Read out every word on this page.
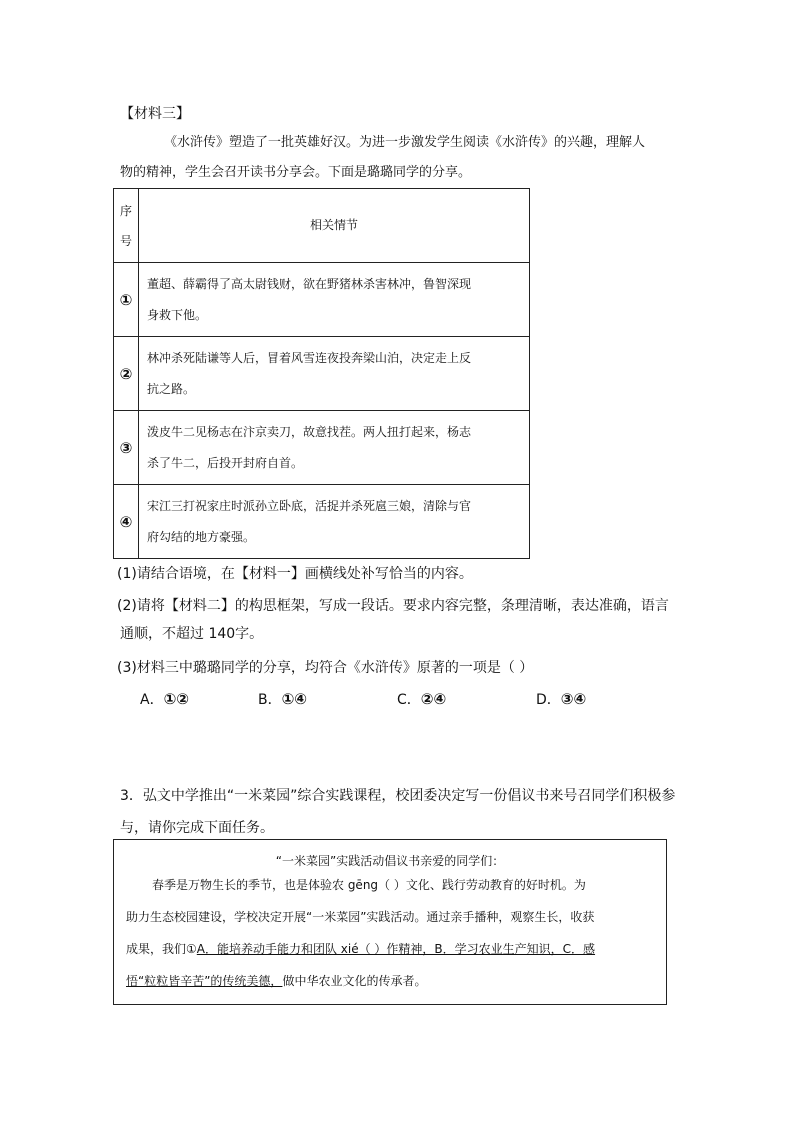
【材料三】
《水浒传》塑造了一批英雄好汉。为进一步激发学生阅读《水浒传》的兴趣，理解人
物的精神，学生会召开读书分享会。下面是璐璐同学的分享。
序
号	相关情节
①	董超、薛霸得了高太尉钱财，欲在野猪林杀害林冲，鲁智深现
身救下他。

②	林冲杀死陆谦等人后，冒着风雪连夜投奔梁山泊，决定走上反
抗之路。

③	泼皮牛二见杨志在汴京卖刀，故意找茬。两人扭打起来，杨志
杀了牛二，后投开封府自首。

④	宋江三打祝家庄时派孙立卧底，活捉并杀死扈三娘，清除与官
府勾结的地方豪强。
(1)请结合语境，在【材料一】画横线处补写恰当的内容。
(2)请将【材料二】的构思框架，写成一段话。要求内容完整，条理清晰，表达准确，语言
通顺，不超过 140字。
(3)材料三中璐璐同学的分享，均符合《水浒传》原著的一项是（ ）
A．①②	B．①④	C．②④	D．③④
3．弘文中学推出“一米菜园”综合实践课程，校团委决定写一份倡议书来号召同学们积极参
与，请你完成下面任务。
“一米菜园”实践活动倡议书亲爱的同学们：
春季是万物生长的季节，也是体验农 gēng（ ）文化、践行劳动教育的好时机。为
助力生态校园建设，学校决定开展“一米菜园”实践活动。通过亲手播种，观察生长，收获
成果，我们①A．能培养动手能力和团队 xié（ ）作精神，B．学习农业生产知识，C．感
悟“粒粒皆辛苦”的传统美德，做中华农业文化的传承者。
